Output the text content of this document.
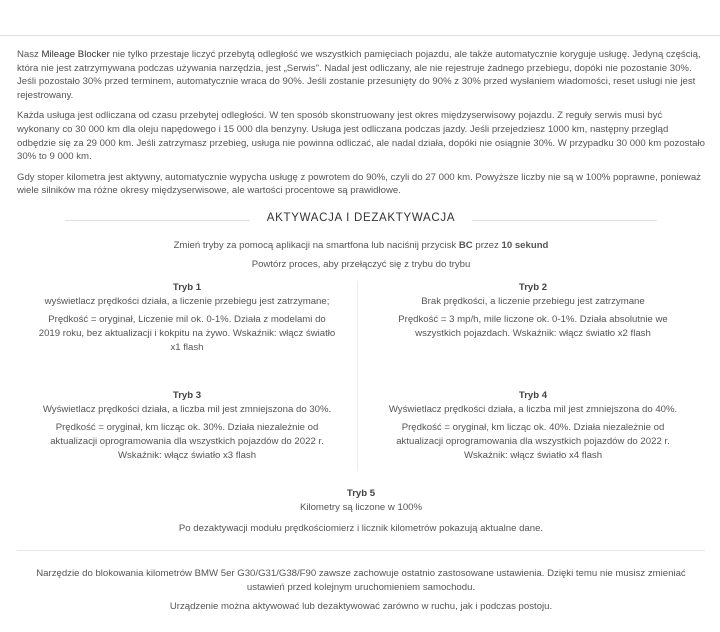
Nasz Mileage Blocker nie tylko przestaje liczyć przebytą odległość we wszystkich pamięciach pojazdu, ale także automatycznie koryguje usługę. Jedyną częścią, która nie jest zatrzymywana podczas używania narzędzia, jest „Serwis". Nadal jest odliczany, ale nie rejestruje żadnego przebiegu, dopóki nie pozostanie 30%. Jeśli pozostało 30% przed terminem, automatycznie wraca do 90%. Jeśli zostanie przesunięty do 90% z 30% przed wysłaniem wiadomości, reset usługi nie jest rejestrowany.

Każda usługa jest odliczana od czasu przebytej odległości. W ten sposób skonstruowany jest okres międzyserwisowy pojazdu. Z reguły serwis musi być wykonany co 30 000 km dla oleju napędowego i 15 000 dla benzyny. Usługa jest odliczana podczas jazdy. Jeśli przejedziesz 1000 km, następny przegląd odbędzie się za 29 000 km. Jeśli zatrzymasz przebieg, usługa nie powinna odliczać, ale nadal działa, dopóki nie osiągnie 30%. W przypadku 30 000 km pozostało 30% to 9 000 km.

Gdy stoper kilometra jest aktywny, automatycznie wypycha usługę z powrotem do 90%, czyli do 27 000 km. Powyższe liczby nie są w 100% poprawne, ponieważ wiele silników ma różne okresy międzyserwisowe, ale wartości procentowe są prawidłowe.

AKTYWACJA I DEZAKTYWACJA

Zmień tryby za pomocą aplikacji na smartfona lub naciśnij przycisk BC przez 10 sekund

Powtórz proces, aby przełączyć się z trybu do trybu

Tryb 1
wyświetlacz prędkości działa, a liczenie przebiegu jest zatrzymane;

Prędkość = oryginał, Liczenie mil ok. 0-1%. Działa z modelami do 2019 roku, bez aktualizacji i kokpitu na żywo. Wskaźnik: włącz światło x1 flash

Tryb 2
Brak prędkości, a liczenie przebiegu jest zatrzymane

Prędkość = 3 mp/h, mile liczone ok. 0-1%. Działa absolutnie we wszystkich pojazdach. Wskaźnik: włącz światło x2 flash

Tryb 3
Wyświetlacz prędkości działa, a liczba mil jest zmniejszona do 30%.

Prędkość = oryginał, km licząc ok. 30%. Działa niezależnie od aktualizacji oprogramowania dla wszystkich pojazdów do 2022 r. Wskaźnik: włącz światło x3 flash

Tryb 4
Wyświetlacz prędkości działa, a liczba mil jest zmniejszona do 40%.

Prędkość = oryginał, km licząc ok. 40%. Działa niezależnie od aktualizacji oprogramowania dla wszystkich pojazdów do 2022 r. Wskaźnik: włącz światło x4 flash

Tryb 5
Kilometry są liczone w 100%

Po dezaktywacji modułu prędkościomierz i licznik kilometrów pokazują aktualne dane.

Narzędzie do blokowania kilometrów BMW 5er G30/G31/G38/F90 zawsze zachowuje ostatnio zastosowane ustawienia. Dzięki temu nie musisz zmieniać ustawień przed kolejnym uruchomieniem samochodu.

Urządzenie można aktywować lub dezaktywować zarówno w ruchu, jak i podczas postoju.
